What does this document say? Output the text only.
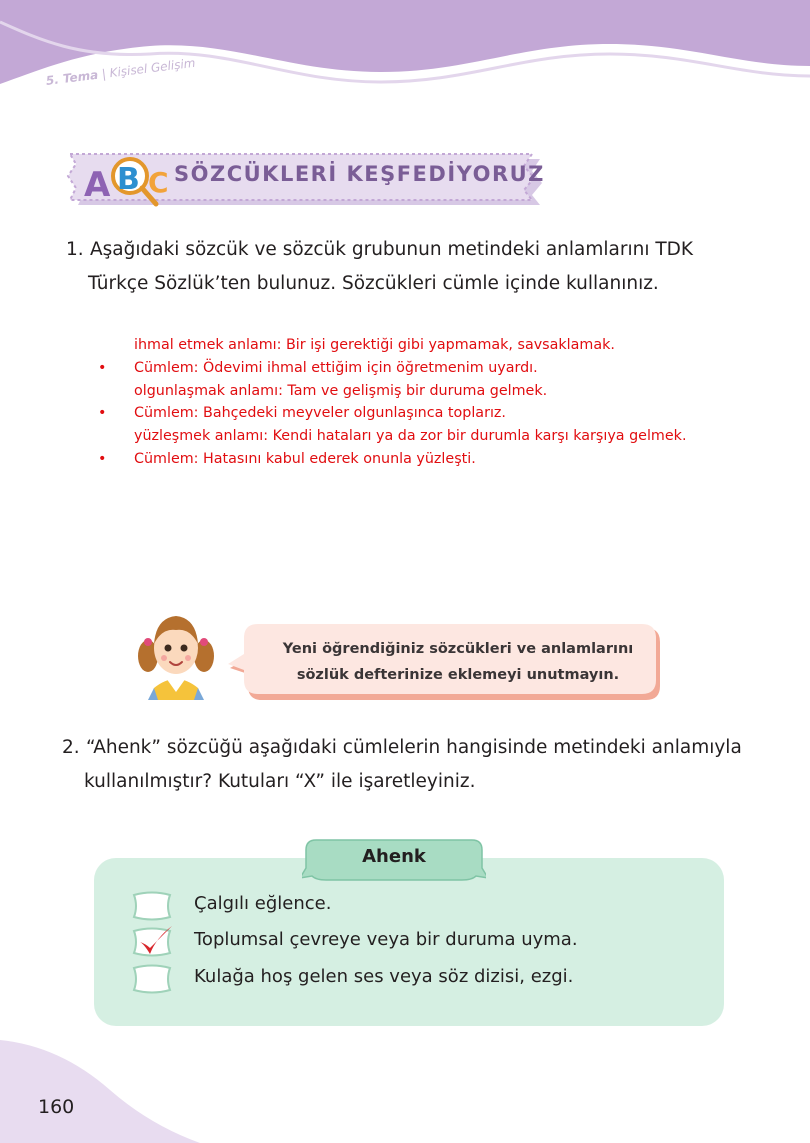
5. Tema | Kişisel Gelişim
A B C SÖZCÜKLERİ KEŞFEDİYORUZ
1. Aşağıdaki sözcük ve sözcük grubunun metindeki anlamlarını TDK
Türkçe Sözlük’ten bulunuz. Sözcükleri cümle içinde kullanınız.
ihmal etmek anlamı: Bir işi gerektiği gibi yapmamak, savsaklamak.
• Cümlem: Ödevimi ihmal ettiğim için öğretmenim uyardı.
olgunlaşmak anlamı: Tam ve gelişmiş bir duruma gelmek.
• Cümlem: Bahçedeki meyveler olgunlaşınca toplarız.
yüzleşmek anlamı: Kendi hataları ya da zor bir durumla karşı karşıya gelmek.
• Cümlem: Hatasını kabul ederek onunla yüzleşti.
Yeni öğrendiğiniz sözcükleri ve anlamlarını
sözlük defterinize eklemeyi unutmayın.
2. “Ahenk” sözcüğü aşağıdaki cümlelerin hangisinde metindeki anlamıyla
kullanılmıştır? Kutuları “X” ile işaretleyiniz.
Ahenk
Çalgılı eğlence.
Toplumsal çevreye veya bir duruma uyma.
Kulağa hoş gelen ses veya söz dizisi, ezgi.
160
